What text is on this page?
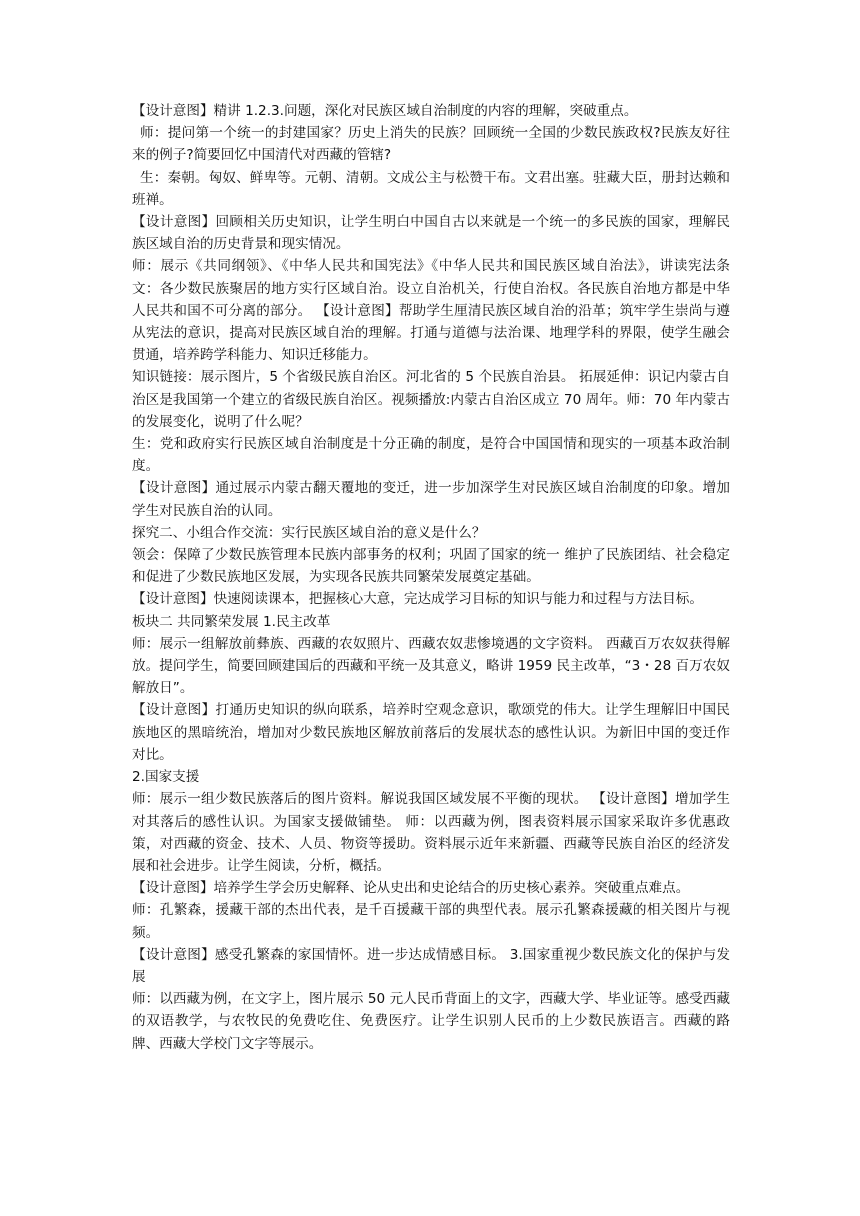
【设计意图】精讲 1.2.3.问题，深化对民族区域自治制度的内容的理解，突破重点。

师：提问第一个统一的封建国家？历史上消失的民族？回顾统一全国的少数民族政权?民族友好往来的例子?简要回忆中国清代对西藏的管辖?

生：秦朝。匈奴、鲜卑等。元朝、清朝。文成公主与松赞干布。文君出塞。驻藏大臣，册封达赖和班禅。

【设计意图】回顾相关历史知识，让学生明白中国自古以来就是一个统一的多民族的国家，理解民族区域自治的历史背景和现实情况。

师：展示《共同纲领》、《中华人民共和国宪法》《中华人民共和国民族区域自治法》，讲读宪法条文：各少数民族聚居的地方实行区域自治。设立自治机关，行使自治权。各民族自治地方都是中华人民共和国不可分离的部分。 【设计意图】帮助学生厘清民族区域自治的沿革；筑牢学生崇尚与遵从宪法的意识，提高对民族区域自治的理解。打通与道德与法治课、地理学科的界限，使学生融会贯通，培养跨学科能力、知识迁移能力。

知识链接：展示图片，5 个省级民族自治区。河北省的 5 个民族自治县。 拓展延伸：识记内蒙古自治区是我国第一个建立的省级民族自治区。视频播放:内蒙古自治区成立 70 周年。师：70 年内蒙古的发展变化，说明了什么呢？

生：党和政府实行民族区域自治制度是十分正确的制度，是符合中国国情和现实的一项基本政治制度。

【设计意图】通过展示内蒙古翻天覆地的变迁，进一步加深学生对民族区域自治制度的印象。增加学生对民族自治的认同。

探究二、小组合作交流：实行民族区域自治的意义是什么？

领会：保障了少数民族管理本民族内部事务的权利；巩固了国家的统一 维护了民族团结、社会稳定和促进了少数民族地区发展，为实现各民族共同繁荣发展奠定基础。

【设计意图】快速阅读课本，把握核心大意，完达成学习目标的知识与能力和过程与方法目标。

板块二 共同繁荣发展 1.民主改革

师：展示一组解放前彝族、西藏的农奴照片、西藏农奴悲惨境遇的文字资料。 西藏百万农奴获得解放。提问学生，简要回顾建国后的西藏和平统一及其意义，略讲 1959 民主改革，“3・28 百万农奴解放日”。

【设计意图】打通历史知识的纵向联系，培养时空观念意识，歌颂党的伟大。让学生理解旧中国民族地区的黑暗统治，增加对少数民族地区解放前落后的发展状态的感性认识。为新旧中国的变迁作对比。

2.国家支援

师：展示一组少数民族落后的图片资料。解说我国区域发展不平衡的现状。 【设计意图】增加学生对其落后的感性认识。为国家支援做铺垫。 师：以西藏为例，图表资料展示国家采取许多优惠政策，对西藏的资金、技术、人员、物资等援助。资料展示近年来新疆、西藏等民族自治区的经济发展和社会进步。让学生阅读，分析，概括。

【设计意图】培养学生学会历史解释、论从史出和史论结合的历史核心素养。突破重点难点。

师：孔繁森，援藏干部的杰出代表，是千百援藏干部的典型代表。展示孔繁森援藏的相关图片与视频。

【设计意图】感受孔繁森的家国情怀。进一步达成情感目标。 3.国家重视少数民族文化的保护与发展

师：以西藏为例，在文字上，图片展示 50 元人民币背面上的文字，西藏大学、毕业证等。感受西藏的双语教学，与农牧民的免费吃住、免费医疗。让学生识别人民币的上少数民族语言。西藏的路牌、西藏大学校门文字等展示。
